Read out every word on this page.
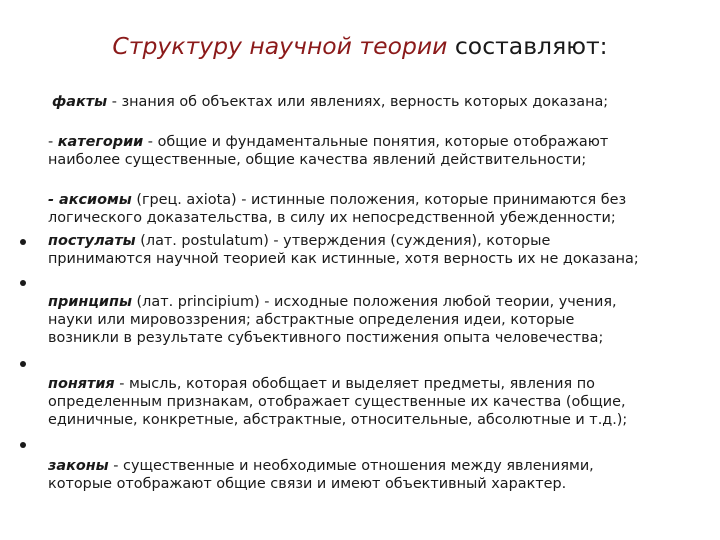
Структуру научной теории составляют:
факты - знания об объектах или явлениях, верность которых доказана;
- категории - общие и фундаментальные понятия, которые отображают
наиболее существенные, общие качества явлений действительности;
- аксиомы (грец. axiota) - истинные положения, которые принимаются без
логического доказательства, в силу их непосредственной убежденности;
постулаты (лат. postulatum) - утверждения (суждения), которые
принимаются научной теорией как истинные, хотя верность их не доказана;
принципы (лат. principium) - исходные положения любой теории, учения,
науки или мировоззрения; абстрактные определения идеи, которые
возникли в результате субъективного постижения опыта человечества;
понятия - мысль, которая обобщает и выделяет предметы, явления по
определенным признакам, отображает существенные их качества (общие,
единичные, конкретные, абстрактные, относительные, абсолютные и т.д.);
законы - существенные и необходимые отношения между явлениями,
которые отображают общие связи и имеют объективный характер.
